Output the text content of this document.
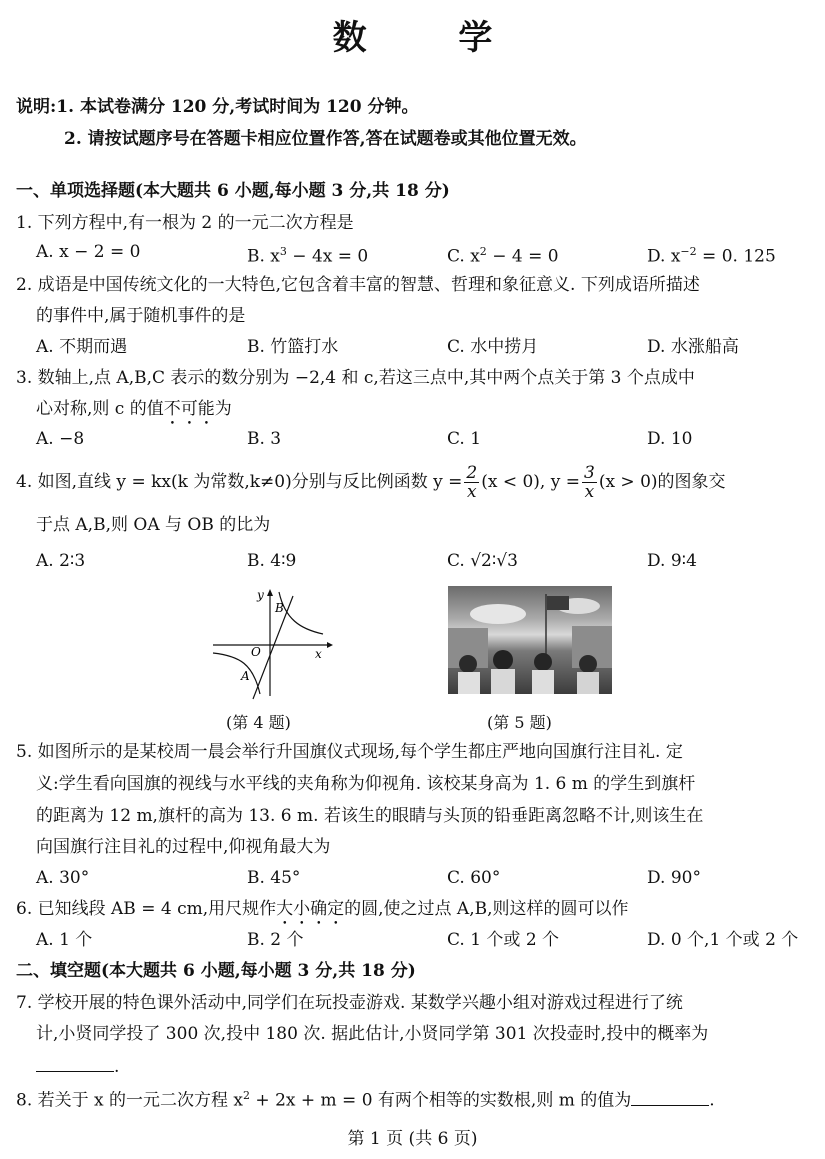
数 学
说明:1. 本试卷满分 120 分,考试时间为 120 分钟。
2. 请按试题序号在答题卡相应位置作答,答在试题卷或其他位置无效。
一、单项选择题(本大题共 6 小题,每小题 3 分,共 18 分)
1. 下列方程中,有一根为 2 的一元二次方程是
A. x − 2 = 0	B. $x^3 - 4x = 0$	C. $x^2 - 4 = 0$	D. $x^{-2} = 0$. 125
2. 成语是中国传统文化的一大特色,它包含着丰富的智慧、哲理和象征意义. 下列成语所描述
的事件中,属于随机事件的是
A. 不期而遇	B. 竹篮打水	C. 水中捞月	D. 水涨船高
3. 数轴上,点 A,B,C 表示的数分别为 −2,4 和 c,若这三点中,其中两个点关于第 3 个点成中
心对称,则 c 的值不可能为
A. −8	B. 3	C. 1	D. 10
4. 如图,直线 y = kx(k 为常数,k≠0)分别与反比例函数 $y = \frac{2}{x} (x < 0)$, $y = \frac{3}{x} (x > 0)$的图象交
于点 A,B,则 OA 与 OB 的比为
A. 2∶3	B. 4∶9	C. √2∶√3	D. 9∶4
y
x
O
A
B
(第 4 题)	(第 5 题)
5. 如图所示的是某校周一晨会举行升国旗仪式现场,每个学生都庄严地向国旗行注目礼. 定
义:学生看向国旗的视线与水平线的夹角称为仰视角. 该校某身高为 1. 6 m 的学生到旗杆
的距离为 12 m,旗杆的高为 13. 6 m. 若该生的眼睛与头顶的铅垂距离忽略不计,则该生在
向国旗行注目礼的过程中,仰视角最大为
A. 30°	B. 45°	C. 60°	D. 90°
6. 已知线段 AB = 4 cm,用尺规作大小确定的圆,使之过点 A,B,则这样的圆可以作
A. 1 个	B. 2 个	C. 1 个或 2 个	D. 0 个,1 个或 2 个
二、填空题(本大题共 6 小题,每小题 3 分,共 18 分)
7. 学校开展的特色课外活动中,同学们在玩投壶游戏. 某数学兴趣小组对游戏过程进行了统
计,小贤同学投了 300 次,投中 180 次. 据此估计,小贤同学第 301 次投壶时,投中的概率为
.
8. 若关于 x 的一元二次方程 $x^2 + 2x + m = 0$ 有两个相等的实数根,则 m 的值为	.
第 1 页 (共 6 页)
